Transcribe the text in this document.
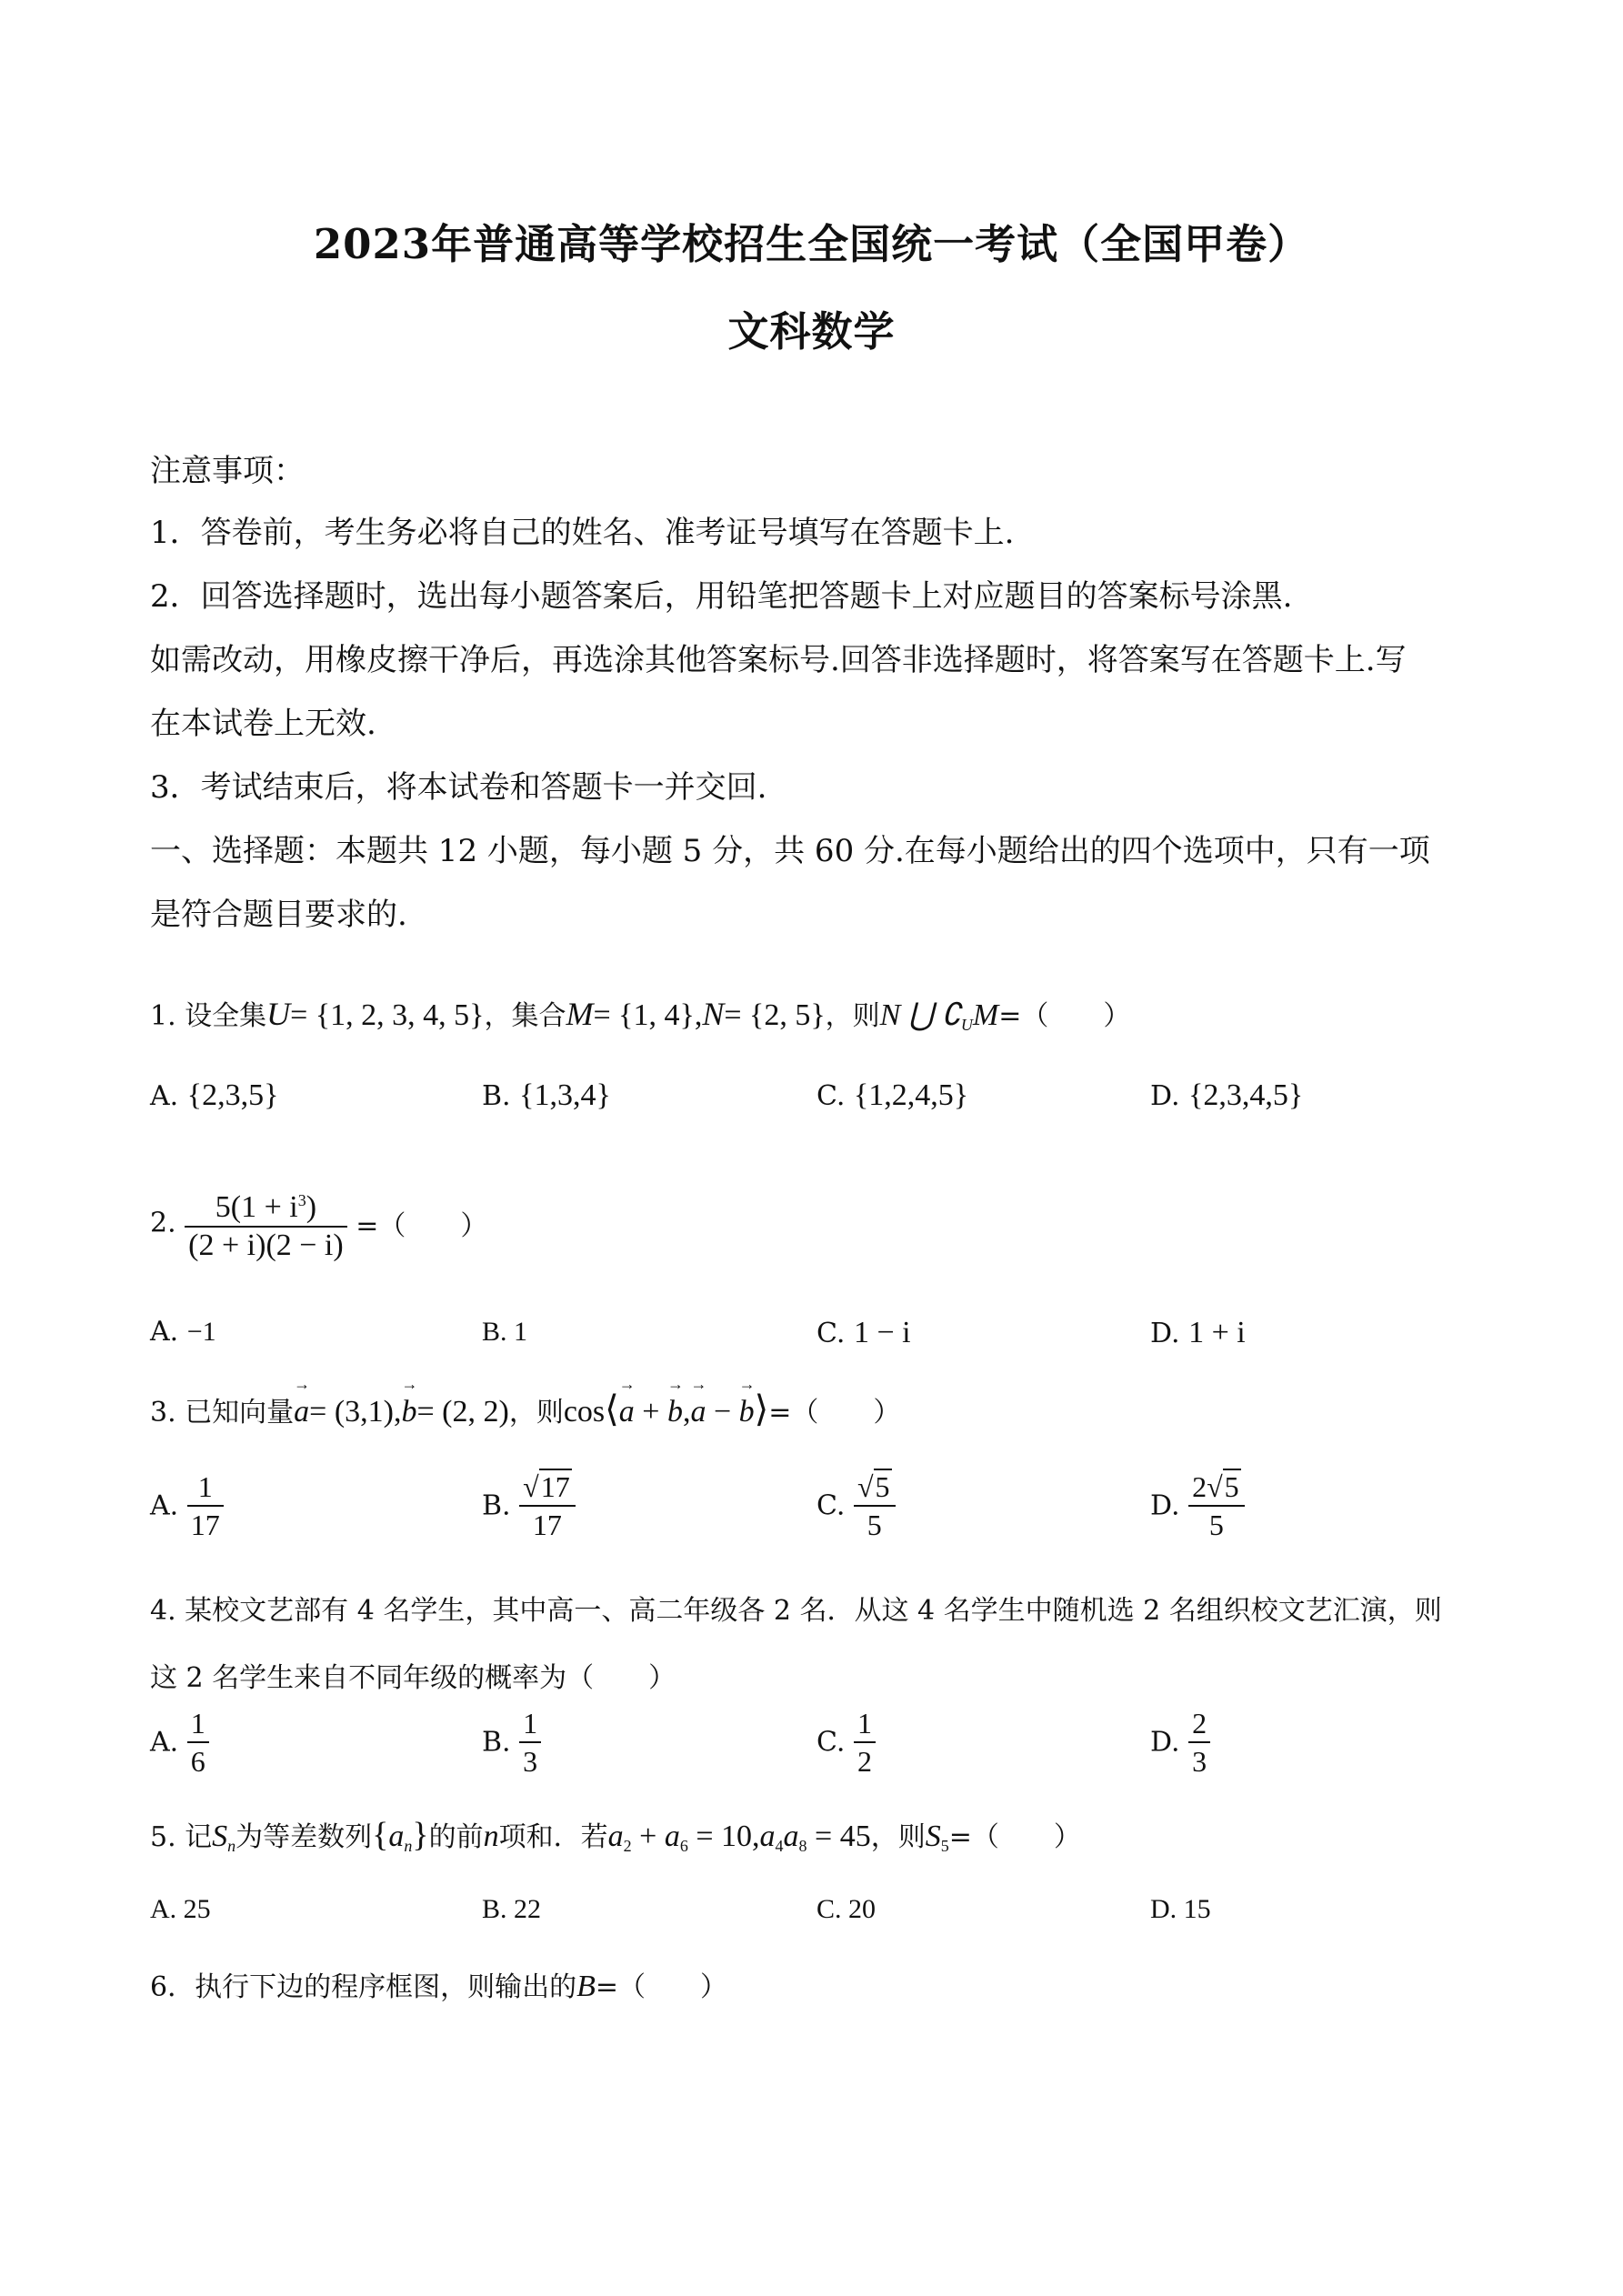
2023年普通高等学校招生全国统一考试（全国甲卷）
文科数学
注意事项：
1．答卷前，考生务必将自己的姓名、准考证号填写在答题卡上.
2．回答选择题时，选出每小题答案后，用铅笔把答题卡上对应题目的答案标号涂黑.
如需改动，用橡皮擦干净后，再选涂其他答案标号.回答非选择题时，将答案写在答题卡上.写
在本试卷上无效.
3．考试结束后，将本试卷和答题卡一并交回.
一、选择题：本题共 12 小题，每小题 5 分，共 60 分.在每小题给出的四个选项中，只有一项
是符合题目要求的.
1. 设全集U= {1, 2, 3, 4, 5}，集合M= {1, 4},N= {2, 5}，则N ⋃ $∁_UM=$（　　）
A. {2,3,5}	B. {1,3,4}	C. {1,2,4,5}	D. {2,3,4,5}
2. $\frac{5(1 + i^3)}{(2 + i)(2 - i)}$ =（　　）
A. −1	B. 1	C. 1 − i	D. 1 + i
3. 已知向量→ a= (3,1),→ b= (2, 2)，则cos⟨→ a + → b,→ a − → b⟩=（　　）
A. $\frac{1}{17}$	B. $\frac{√17}{17}$	C. $\frac{√5}{5}$	D. $\frac{2√5}{5}$
4. 某校文艺部有 4 名学生，其中高一、高二年级各 2 名．从这 4 名学生中随机选 2 名组织校文艺汇演，则
这 2 名学生来自不同年级的概率为（　　）
A. $\frac{1}{6}$	B. $\frac{1}{3}$	C. $\frac{1}{2}$	D. $\frac{2}{3}$
5. 记$S_n$为等差数列$\{a_n\}$的前n项和．若$a_2 + a_6 = 10,a_4a_8 = 45$，则$S_5=$（　　）
A. 25	B. 22	C. 20	D. 15
6．执行下边的程序框图，则输出的B=（　　）
